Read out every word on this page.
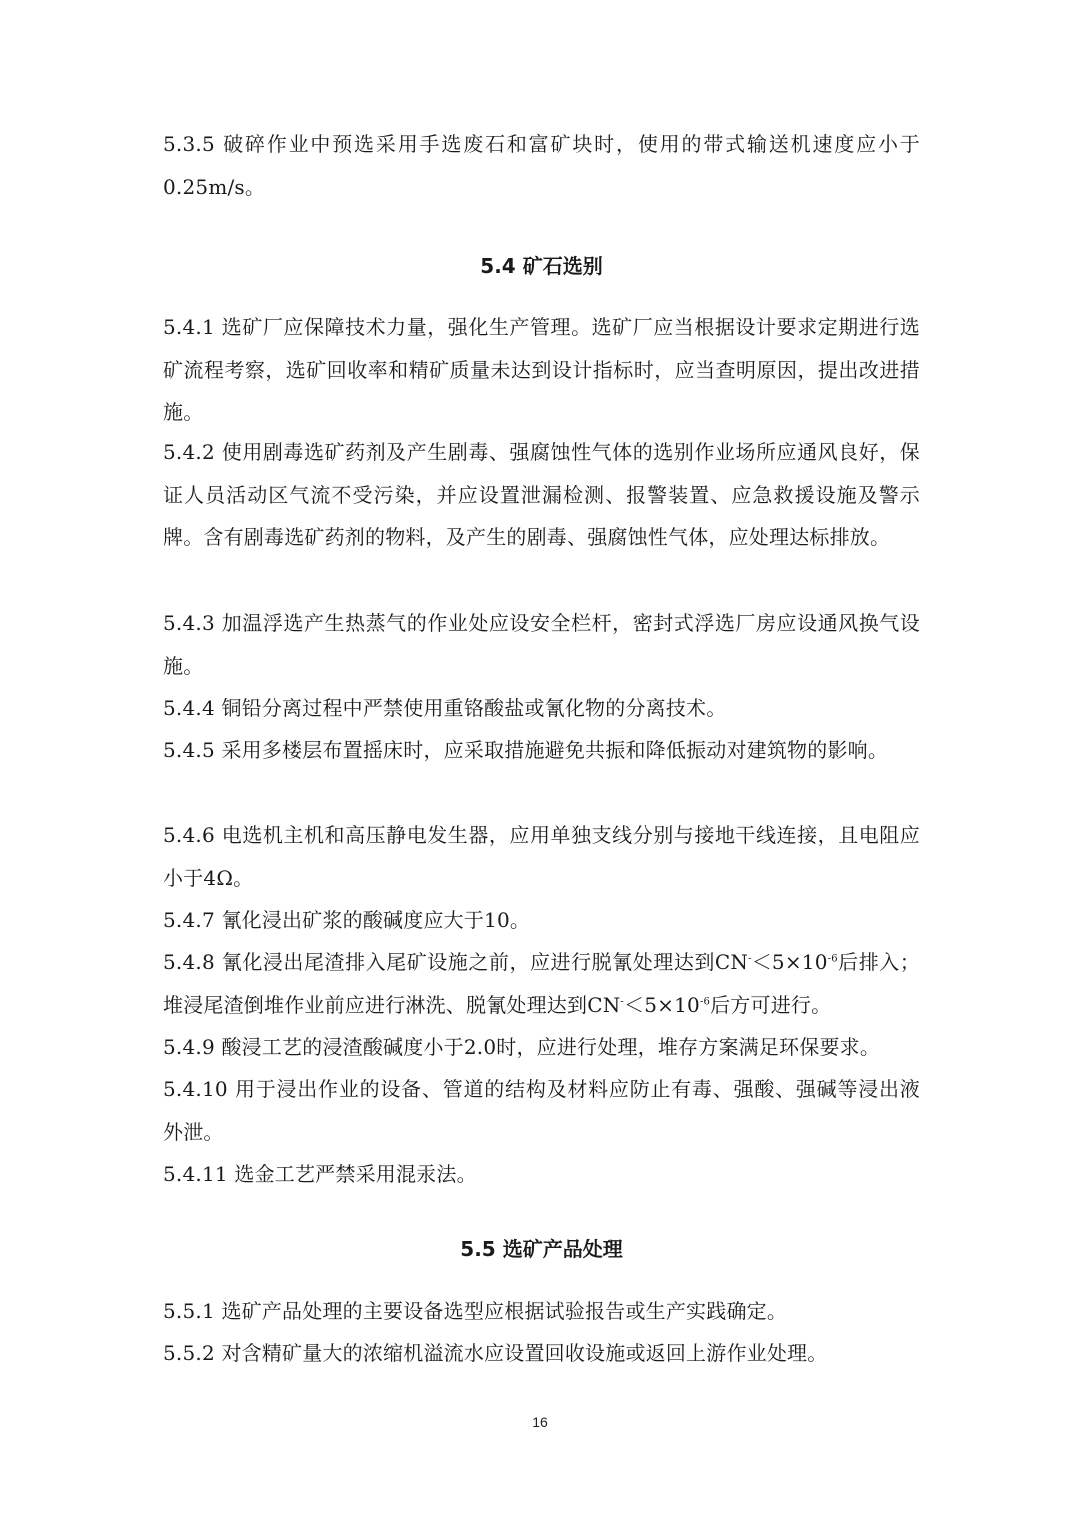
5.3.5 破碎作业中预选采用手选废石和富矿块时，使用的带式输送机速度应小于0.25m/s。
5.4 矿石选别
5.4.1 选矿厂应保障技术力量，强化生产管理。选矿厂应当根据设计要求定期进行选矿流程考察，选矿回收率和精矿质量未达到设计指标时，应当查明原因，提出改进措施。
5.4.2 使用剧毒选矿药剂及产生剧毒、强腐蚀性气体的选别作业场所应通风良好，保证人员活动区气流不受污染，并应设置泄漏检测、报警装置、应急救援设施及警示牌。含有剧毒选矿药剂的物料，及产生的剧毒、强腐蚀性气体，应处理达标排放。
5.4.3 加温浮选产生热蒸气的作业处应设安全栏杆，密封式浮选厂房应设通风换气设施。
5.4.4 铜铅分离过程中严禁使用重铬酸盐或氰化物的分离技术。
5.4.5 采用多楼层布置摇床时，应采取措施避免共振和降低振动对建筑物的影响。
5.4.6 电选机主机和高压静电发生器，应用单独支线分别与接地干线连接，且电阻应小于4Ω。
5.4.7 氰化浸出矿浆的酸碱度应大于10。
5.4.8 氰化浸出尾渣排入尾矿设施之前，应进行脱氰处理达到$CN^-<5\times 10^{-6}$后排入；堆浸尾渣倒堆作业前应进行淋洗、脱氰处理达到$CN^-<5\times 10^{-6}$后方可进行。
5.4.9 酸浸工艺的浸渣酸碱度小于2.0时，应进行处理，堆存方案满足环保要求。
5.4.10 用于浸出作业的设备、管道的结构及材料应防止有毒、强酸、强碱等浸出液外泄。
5.4.11 选金工艺严禁采用混汞法。
5.5 选矿产品处理
5.5.1 选矿产品处理的主要设备选型应根据试验报告或生产实践确定。
5.5.2 对含精矿量大的浓缩机溢流水应设置回收设施或返回上游作业处理。
16
